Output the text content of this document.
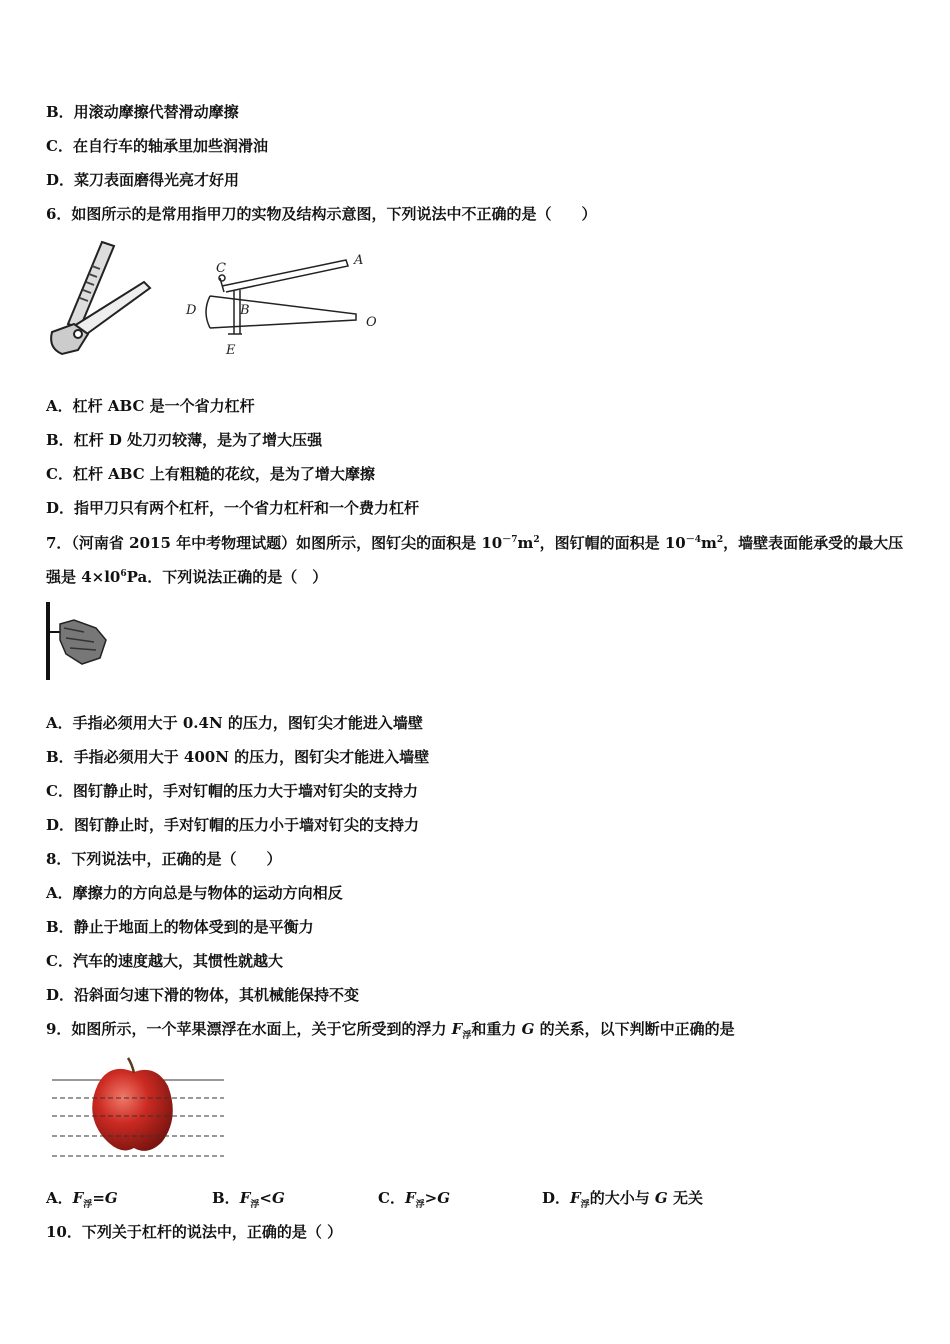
B．用滚动摩擦代替滑动摩擦
C．在自行车的轴承里加些润滑油
D．菜刀表面磨得光亮才好用
6．如图所示的是常用指甲刀的实物及结构示意图，下列说法中不正确的是（　　）
C
A
D	B
O
E
A．杠杆 ABC 是一个省力杠杆
B．杠杆 D 处刀刃较薄，是为了增大压强
C．杠杆 ABC 上有粗糙的花纹，是为了增大摩擦
D．指甲刀只有两个杠杆，一个省力杠杆和一个费力杠杆
7．（河南省 2015 年中考物理试题）如图所示，图钉尖的面积是 $10^{-7}m^2$，图钉帽的面积是 $10^{-4}m^2$，墙壁表面能承受的最大压强是 $4\times l0^6Pa$．下列说法正确的是（　）
A．手指必须用大于 0.4N 的压力，图钉尖才能进入墙壁
B．手指必须用大于 400N 的压力，图钉尖才能进入墙壁
C．图钉静止时，手对钉帽的压力大于墙对钉尖的支持力
D．图钉静止时，手对钉帽的压力小于墙对钉尖的支持力
8．下列说法中，正确的是（　　）
A．摩擦力的方向总是与物体的运动方向相反
B．静止于地面上的物体受到的是平衡力
C．汽车的速度越大，其惯性就越大
D．沿斜面匀速下滑的物体，其机械能保持不变
9．如图所示，一个苹果漂浮在水面上，关于它所受到的浮力 $F_浮$和重力 G 的关系，以下判断中正确的是
A．$F_浮=G$	B．$F_浮<G$	C．$F_浮>G$	D．$F_浮$的大小与 G 无关
10．下列关于杠杆的说法中，正确的是（ ）
